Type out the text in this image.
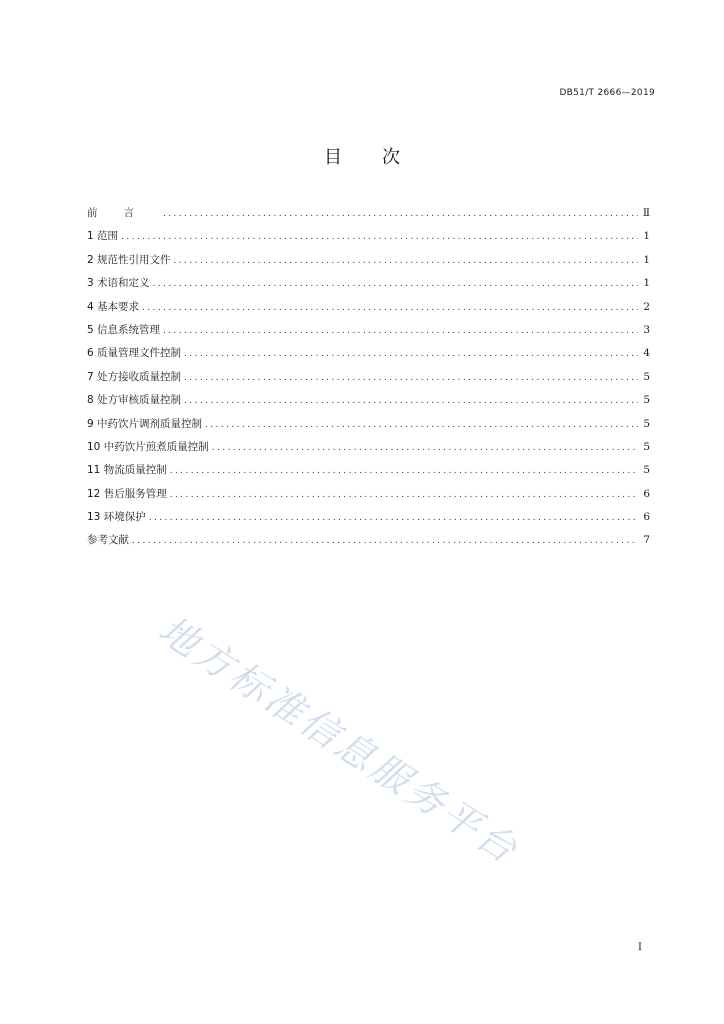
DB51/T 2666—2019
目次
前言 .....	Ⅱ
1 范围 .....	1
2 规范性引用文件 .....	1
3 术语和定义 .....	1
4 基本要求 .....	2
5 信息系统管理 .....	3
6 质量管理文件控制 .....	4
7 处方接收质量控制 .....	5
8 处方审核质量控制 .....	5
9 中药饮片调剂质量控制 .....	5
10 中药饮片煎煮质量控制 .....	5
11 物流质量控制 .....	5
12 售后服务管理 .....	6
13 环境保护 .....	6
参考文献 .....	7
地方标准信息服务平台
I
